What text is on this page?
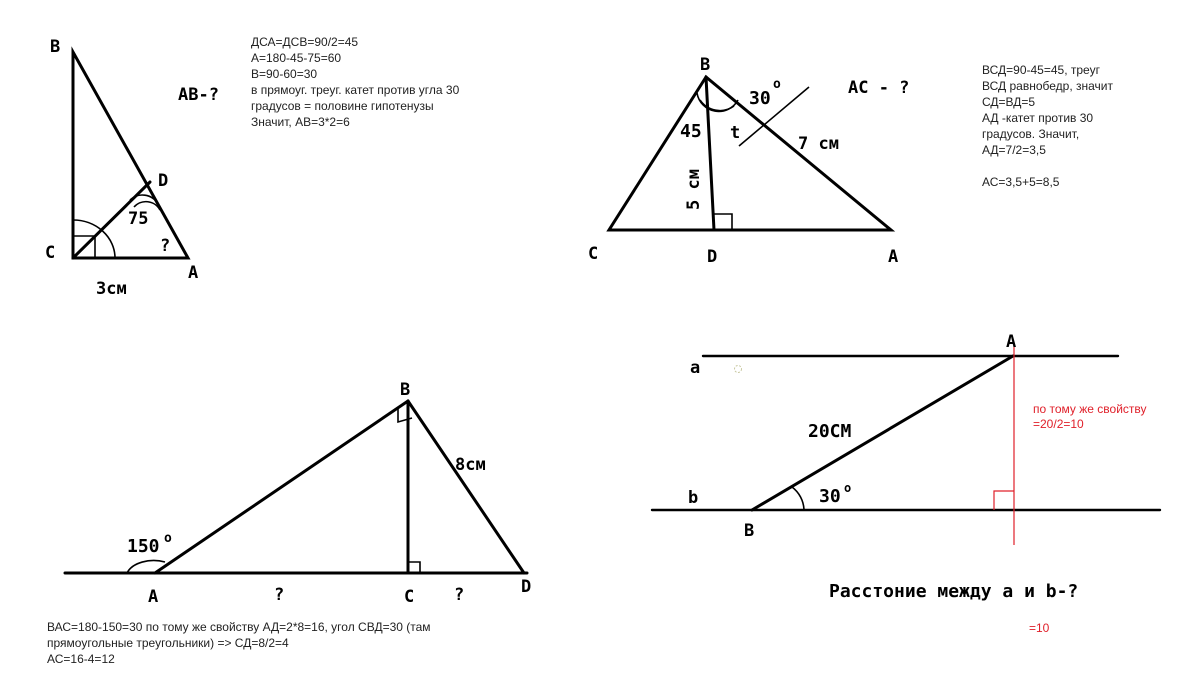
B
C
D
A
75
?
3см
AB-?
ДСА=ДСВ=90/2=45 А=180-45-75=60 В=90-60=30 в прямоуг. треуг. катет против угла 30 градусов = половине гипотенузы Значит, АВ=3*2=6
B
C	D	A
30
o
45 t
7 см
5 см
AC - ?
ВСД=90-45=45, треуг ВСД равнобедр, значит СД=ВД=5 АД -катет против 30 градусов. Значит, АД=7/2=3,5 АС=3,5+5=8,5
B
A	C	D
150 o
8см
?	?
ВАС=180-150=30 по тому же свойству АД=2*8=16, угол СВД=30 (там прямоугольные треугольники) => СД=8/2=4 АС=16-4=12
a
b
A
B
20СМ
30 o
по тому же свойству =20/2=10
Расстоние между а и b-?
=10
